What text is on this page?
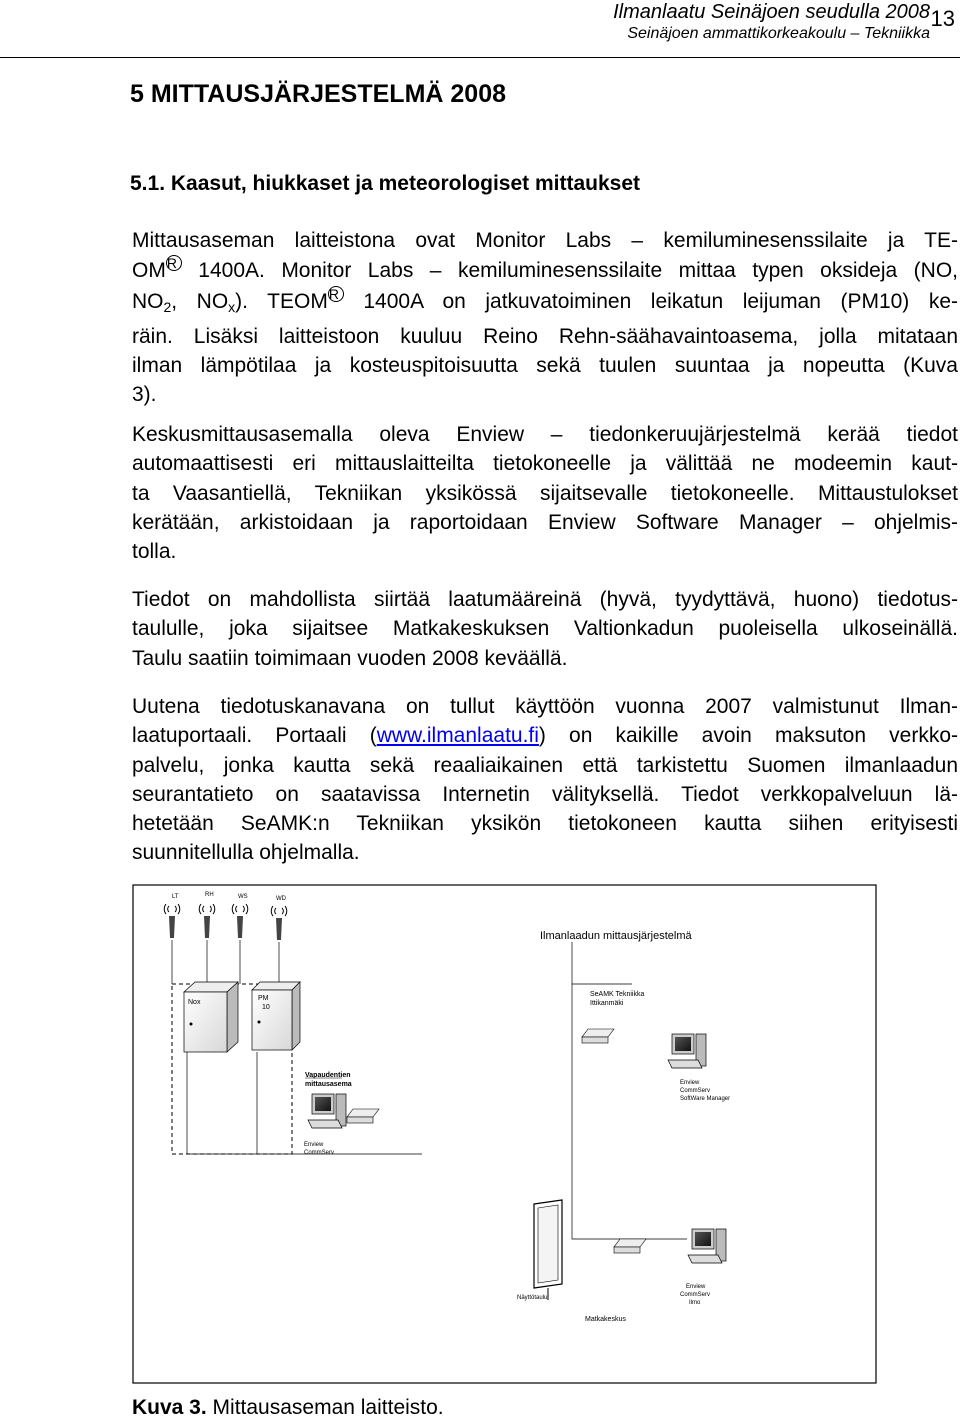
Ilmanlaatu Seinäjoen seudulla 2008
Seinäjoen ammattikorkeakoulu – Tekniikka
13
5 MITTAUSJÄRJESTELMÄ 2008
5.1. Kaasut, hiukkaset ja meteorologiset mittaukset

Mittausaseman laitteistona ovat Monitor Labs – kemiluminesenssilaite ja TE-
OMR 1400A. Monitor Labs – kemiluminesenssilaite mittaa typen oksideja (NO,
$NO_2$, $NO_x$). TEOMR 1400A on jatkuvatoiminen leikatun leijuman (PM10) ke-
räin. Lisäksi laitteistoon kuuluu Reino Rehn-säähavaintoasema, jolla mitataan
ilman lämpötilaa ja kosteuspitoisuutta sekä tuulen suuntaa ja nopeutta (Kuva
3).

Keskusmittausasemalla oleva Enview – tiedonkeruujärjestelmä kerää tiedot
automaattisesti eri mittauslaitteilta tietokoneelle ja välittää ne modeemin kaut-
ta Vaasantiellä, Tekniikan yksikössä sijaitsevalle tietokoneelle. Mittaustulokset
kerätään, arkistoidaan ja raportoidaan Enview Software Manager – ohjelmis-
tolla.

Tiedot on mahdollista siirtää laatumääreinä (hyvä, tyydyttävä, huono) tiedotus-
taululle, joka sijaitsee Matkakeskuksen Valtionkadun puoleisella ulkoseinällä.
Taulu saatiin toimimaan vuoden 2008 keväällä.

Uutena tiedotuskanavana on tullut käyttöön vuonna 2007 valmistunut Ilman-
laatuportaali. Portaali (www.ilmanlaatu.fi) on kaikille avoin maksuton verkko-
palvelu, jonka kautta sekä reaaliaikainen että tarkistettu Suomen ilmanlaadun
seurantatieto on saatavissa Internetin välityksellä. Tiedot verkkopalveluun lä-
hetetään SeAMK:n Tekniikan yksikön tietokoneen kautta siihen erityisesti
suunnitellulla ohjelmalla.

Ilmanlaadun mittausjärjestelmä
LT	RH	WS	WD
Nox
PM
10
Vapaudentien
mittausasema
Enview
CommServ
SeAMK Tekniikka
Ittikanmäki
Enview
CommServ
SoftWare Manager
Näyttötaulu
Enview
CommServ
Ilmo
Matkakeskus

Kuva 3. Mittausaseman laitteisto.
